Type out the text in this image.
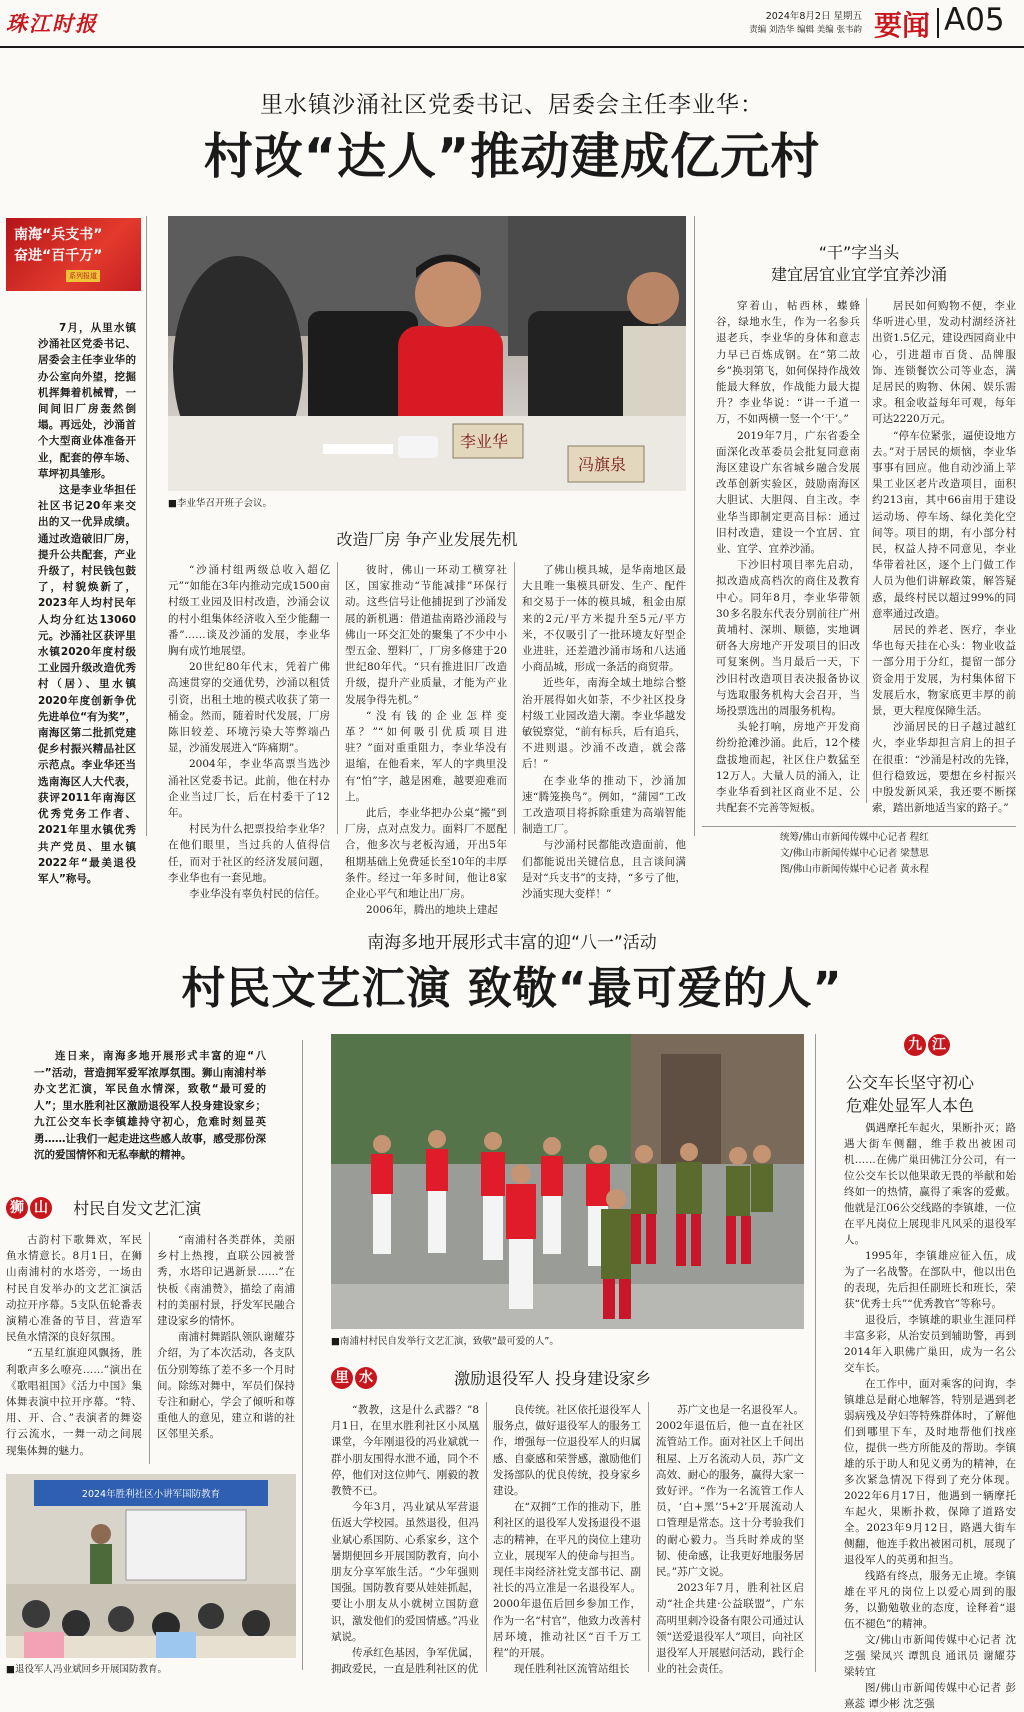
珠江时报	2024年8月2日 星期五
责编 刘浩华 编辑 美编 张韦韵 要闻 A05
里水镇沙涌社区党委书记、居委会主任李业华：
村改“达人”推动建成亿元村
南海“兵支书”
奋进“百千万”
系列报道

7月，从里水镇沙涌社区党委书记、居委会主任李业华的办公室向外望，挖掘机挥舞着机械臂，一间间旧厂房轰然倒塌。再远处，沙涌首个大型商业体准备开业，配套的停车场、草坪初具雏形。

这是李业华担任社区书记20年来交出的又一优异成绩。通过改造破旧厂房，提升公共配套，产业升级了，村民钱包鼓了，村貌焕新了，2023年人均村民年人均分红达13060元。沙涌社区获评里水镇2020年度村级工业园升级改造优秀村（居）、里水镇2020年度创新争优先进单位“有为奖”，南海区第二批抓党建促乡村振兴精品社区示范点。李业华还当选南海区人大代表，获评2011年南海区优秀党务工作者、2021年里水镇优秀共产党员、里水镇2022年“最美退役军人”称号。

李业华
冯旗泉
■李业华召开班子会议。
改造厂房 争产业发展先机

“沙涌村组两级总收入超亿元”“如能在3年内推动完成1500亩村级工业园及旧村改造，沙涌会议的村小组集体经济收入至少能翻一番”……谈及沙涌的发展，李业华胸有成竹地展望。

20世纪80年代末，凭着广佛高速贯穿的交通优势，沙涌以租赁引资，出租土地的模式收获了第一桶金。然而，随着时代发展，厂房陈旧较差、环境污染大等弊端凸显，沙涌发展进入“阵痛期”。

2004年，李业华高票当选沙涌社区党委书记。此前，他在村办企业当过厂长，后在村委干了12年。

村民为什么把票投给李业华？在他们眼里，当过兵的人值得信任，而对于社区的经济发展问题，李业华也有一套见地。

李业华没有辜负村民的信任。

彼时，佛山一环动工横穿社区，国家推动“节能减排”环保行动。这些信号让他捕捉到了沙涌发展的新机遇：借道盐南路沙涌段与佛山一环交汇处的聚集了不少中小型五金、塑料厂，厂房多修建于20世纪80年代。“只有推进旧厂改造升级，提升产业质量，才能为产业发展争得先机。”

“没有钱的企业怎样变革？”“如何吸引优质项目进驻？”面对重重阻力，李业华没有退缩，在他看来，军人的字典里没有“怕”字，越是困难，越要迎难而上。

此后，李业华把办公桌“搬”到厂房，点对点发力。面料厂不愿配合，他多次与老板沟通，开出5年租期基础上免费延长至10年的丰厚条件。经过一年多时间，他让8家企业心平气和地让出厂房。

2006年，腾出的地块上建起

了佛山模具城，是华南地区最大且唯一集模具研发、生产、配件和交易于一体的模具城，租金由原来的2元/平方米提升至5元/平方米，不仅吸引了一批环境友好型企业进驻，还差遣沙涌市场和八达通小商品城，形成一条活的商贸带。

近些年，南海全域土地综合整治开展得如火如荼，不少社区投身村级工业园改造大潮。李业华越发敏锐察觉，“前有标兵，后有追兵，不进则退。沙涌不改造，就会落后！”

在李业华的推动下，沙涌加速“腾笼换鸟”。例如，“蒲园”工改工改造项目将拆除重建为高端智能制造工厂。

与沙涌村民都能改造面前，他们都能说出关键信息，且言谈间满是对“兵支书”的支持，“多亏了他，沙涌实现大变样！”

“干”字当头
建宜居宜业宜学宜养沙涌

穿着山，帖西林，蝶蜂谷，绿地水生，作为一名参兵退老兵，李业华的身体和意志力早已百炼成钢。在“第二故乡”换羽第飞，如何保持作战效能最大释放，作战能力最大提升？李业华说：“讲一千道一万，不如两横一竖一个‘干’。”

2019年7月，广东省委全面深化改革委员会批复同意南海区建设广东省城乡融合发展改革创新实验区，鼓励南海区大胆试、大胆闯、自主改。李业华当即制定更高目标：通过旧村改造，建设一个宜居、宜业、宜学、宜养沙涌。

下沙旧村项目率先启动，拟改造成高档次的商住及教育中心。同年8月，李业华带领30多名股东代表分别前往广州黄埔村、深圳、顺德，实地调研各大房地产开发项目的旧改可复案例。当月最后一天，下沙旧村改造项目表决报备协议与选取服务机构大会召开，当场投票选出的周服务机构。

头轮打响，房地产开发商纷纷抢滩沙涌。此后，12个楼盘拔地而起，社区住户数猛至12万人。大量人员的涌入，让李业华看到社区商业不足、公共配套不完善等短板。

居民如何购物不便，李业华听进心里，发动村湖经济社出资1.5亿元，建设西园商业中心，引进超市百货、品牌服饰、连锁餐饮公司等业态，满足居民的购物、休闲、娱乐需求。租金收益每年可观，每年可达2220万元。

“停车位紧张，逼使设地方去。”对于居民的烦恼，李业华事事有回应。他自动沙涌上苹果工业区老片改造项目，面积约213亩，其中66亩用于建设运动场、停车场、绿化美化空间等。项目的期，有小部分村民，权益人持不同意见，李业华带着社区，逐个上门做工作人员为他们讲解政策，解答疑惑，最终村民以超过99%的同意率通过改造。

居民的养老、医疗，李业华也每天挂在心头：物业收益一部分用于分红，提留一部分资金用于发展，为村集体留下发展后水，物家底更丰厚的前景，更大程度保障生活。

沙涌居民的日子越过越红火，李业华却担言肩上的担子在很重：“沙涌是村改的先锋，但行稳致远，要想在乡村振兴中殷发新风采，我还要不断探索，踏出新地适当家的路子。”

统筹/佛山市新闻传媒中心记者 程红
文/佛山市新闻传媒中心记者 梁慧思
图/佛山市新闻传媒中心记者 黄永程
南海多地开展形式丰富的迎“八一”活动
村民文艺汇演 致敬“最可爱的人”

连日来，南海多地开展形式丰富的迎“八一”活动，营造拥军爱军浓厚氛围。狮山南浦村举办文艺汇演，军民鱼水情深，致敬“最可爱的人”；里水胜利社区激励退役军人投身建设家乡；九江公交车长李镇雄持守初心，危难时刻显英勇……让我们一起走进这些感人故事，感受那份深沉的爱国情怀和无私奉献的精神。

狮 山 村民自发文艺汇演

古韵村下歌舞欢，军民鱼水情意长。8月1日，在狮山南浦村的水塔旁，一场由村民自发举办的文艺汇演活动拉开序幕。5支队伍轮番表演精心准备的节目，营造军民鱼水情深的良好氛围。

“五星红旗迎风飘扬，胜利歌声多么嘹亮……”演出在《歌唱祖国》《活力中国》集体舞表演中拉开序幕。“特、用、开、合、”表演者的舞姿行云流水，一舞一动之间展现集体舞的魅力。

“南浦村各类群体，美丽乡村上热搜，直联公园被誉秀，水塔印记遇新景……”在快板《南浦赞》，描绘了南浦村的美丽村景，抒发军民融合建设家乡的情怀。

南浦村舞蹈队领队谢耀芬介绍，为了本次活动，各支队伍分别筹练了差不多一个月时间。除练对舞中，军员们保持专注和耐心，学会了倾听和尊重他人的意见，建立和谐的社区邻里关系。

2024年胜利社区小讲军国防教育
■退役军人冯业斌回乡开展国防教育。
■南浦村村民自发举行文艺汇演，致敬“最可爱的人”。
里 水	激励退役军人 投身建设家乡

“教教，这是什么武器？”8月1日，在里水胜利社区小凤凰课堂，今年刚退役的冯业斌就一群小朋友围得水泄不通，同个不停，他们对这位帅气、刚毅的教教赞不已。

今年3月，冯业斌从军营退伍返大学校园。虽然退役，但冯业斌心系国防、心系家乡，这个暑期便回乡开展国防教育，向小朋友分享军旅生活。“少年强则国强。国防教育要从娃娃抓起，要让小朋友从小就树立国防意识，激发他们的爱国情感。”冯业斌说。

传承红色基因，争军优属，拥政爱民，一直是胜利社区的优

良传统。社区依托退役军人服务点，做好退役军人的服务工作，增强每一位退役军人的归属感、自豪感和荣誉感，激励他们发扬部队的优良传统，投身家乡建设。

在“双拥”工作的推动下，胜利社区的退役军人发扬退役不退志的精神，在平凡的岗位上建功立业，展现军人的使命与担当。现任丰岗经济社党支部书记、副社长的冯立准是一名退役军人。2000年退伍后回乡参加工作，作为一名“村官”，他致力改善村居环境，推动社区“百千万工程”的开展。

现任胜利社区流管站组长

苏广文也是一名退役军人。2002年退伍后，他一直在社区流管站工作。面对社区上千间出租屋、上万名流动人员，苏广文高效、耐心的服务，赢得大家一致好评。“作为一名流管工作人员，‘白+黑’‘5+2’开展流动人口管理是常态。这十分考验我们的耐心毅力。当兵时养成的坚韧、使命感，让我更好地服务居民。”苏广文说。

2023年7月，胜利社区启动“社企共建·公益联盟”，广东高明里刺冷设备有限公司通过认领“送爱退役军人”项目，向社区退役军人开展慰问活动，践行企业的社会责任。

九 江
公交车长坚守初心
危难处显军人本色

偶遇摩托车起火，果断扑灭；路遇大街车侧翻，维手救出被困司机……在佛广巢田佛江分公司，有一位公交车长以他果敢无畏的举献和始终如一的热情，赢得了乘客的爱戴。他就是江06公交线路的李镇雄，一位在平凡岗位上展现非凡风采的退役军人。

1995年，李镇雄应征入伍，成为了一名战警。在部队中，他以出色的表现，先后担任副班长和班长，荣获“优秀士兵”“优秀教官”等称号。

退役后，李镇雄的职业生涯同样丰富多彩，从治安员到辅助警，再到2014年入职佛广巢田，成为一名公交车长。

在工作中，面对乘客的问询，李镇雄总是耐心地解答，特别是遇到老弱病残及孕妇等特殊群体时，了解他们到哪里下车，及时地帮他们找座位，提供一些方所能及的帮助。李镇雄的乐于助人和见义勇为的精神，在多次紧急情况下得到了充分体现。2022年6月17日，他遇到一辆摩托车起火，果断扑救，保障了道路安全。2023年9月12日，路遇大街车侧翻，他连手救出被困司机，展现了退役军人的英勇和担当。

线路有终点，服务无止境。李镇雄在平凡的岗位上以爱心周到的服务，以勤勉敬业的态度，诠释着“退伍不褪色”的精神。

文/佛山市新闻传媒中心记者 沈芝强 梁凤兴 谭凯良 通讯员 谢耀芬 梁转宜

图/佛山市新闻传媒中心记者 彭熹蕊 谭少彬 沈芝强
